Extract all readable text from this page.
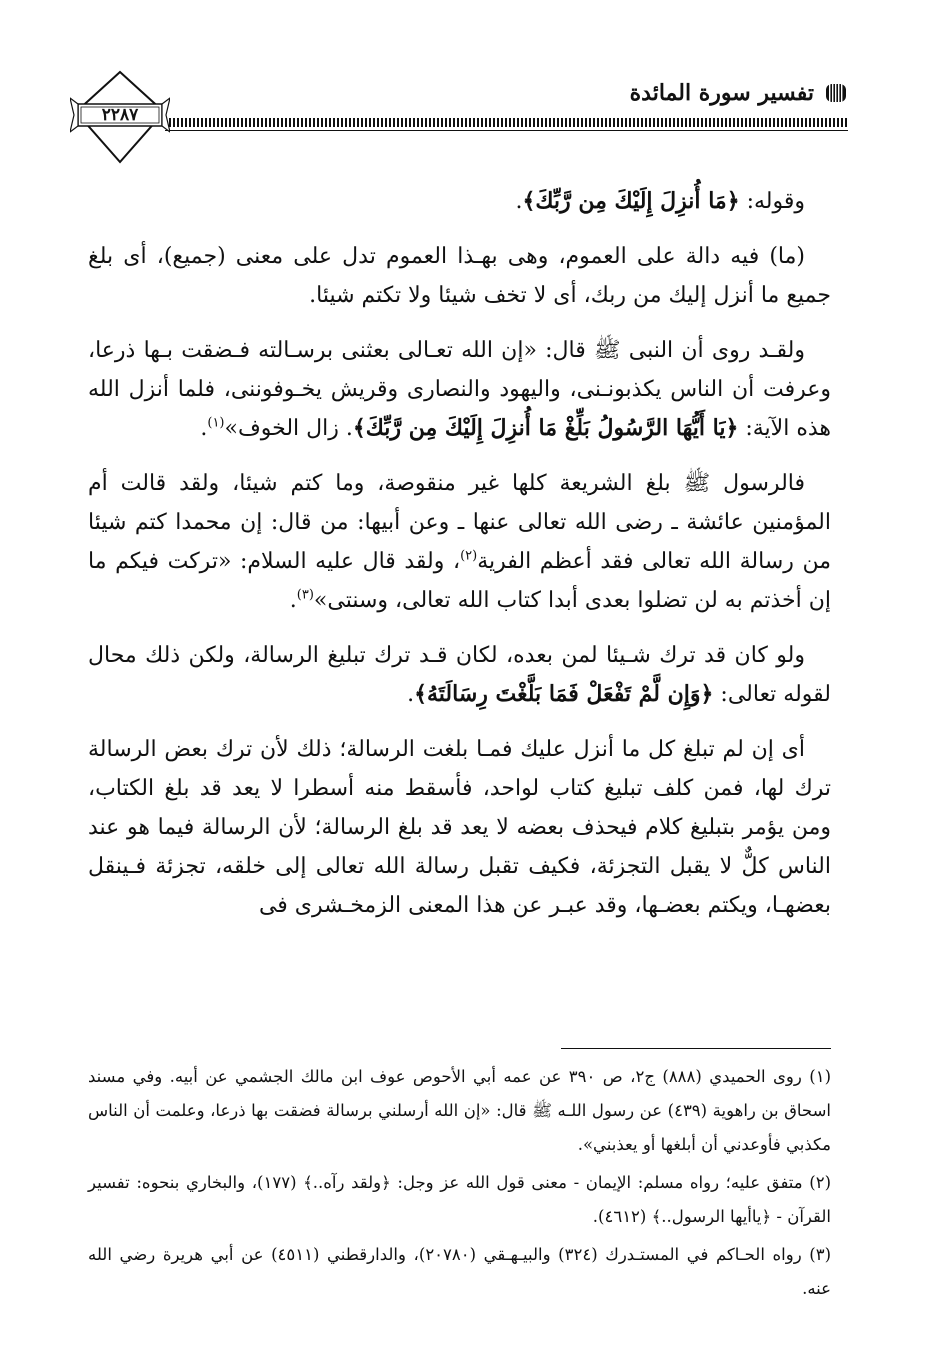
تفسير سورة المائدة
٢٢٨٧

وقوله: ﴿مَا أُنزِلَ إِلَيْكَ مِن رَّبِّكَ﴾.

(ما) فيه دالة على العموم، وهى بهـذا العموم تدل على معنى (جميع)، أى بلغ جميع ما أنزل إليك من ربك، أى لا تخف شيئا ولا تكتم شيئا.

ولقـد روى أن النبى ﷺ قال: «إن الله تعـالى بعثنى برسـالته فـضقت بـها ذرعا، وعرفت أن الناس يكذبونـنى، واليهود والنصارى وقريش يخـوفوننى، فلما أنزل الله هذه الآية: ﴿يَا أَيُّهَا الرَّسُولُ بَلِّغْ مَا أُنزِلَ إِلَيْكَ مِن رَّبِّكَ﴾. زال الخوف»$^{(١)}$.

فالرسول ﷺ بلغ الشريعة كلها غير منقوصة، وما كتم شيئا، ولقد قالت أم المؤمنين عائشة ـ رضى الله تعالى عنها ـ وعن أبيها: من قال: إن محمدا كتم شيئا من رسالة الله تعالى فقد أعظم الفرية$^{(٢)}$، ولقد قال عليه السلام: «تركت فيكم ما إن أخذتم به لن تضلوا بعدى أبدا كتاب الله تعالى، وسنتى»$^{(٣)}$.

ولو كان قد ترك شـيئا لمن بعده، لكان قـد ترك تبليغ الرسالة، ولكن ذلك محال لقوله تعالى: ﴿وَإِن لَّمْ تَفْعَلْ فَمَا بَلَّغْتَ رِسَالَتَهُ﴾.

أى إن لم تبلغ كل ما أنزل عليك فمـا بلغت الرسالة؛ ذلك لأن ترك بعض الرسالة ترك لها، فمن كلف تبليغ كتاب لواحد، فأسقط منه أسطرا لا يعد قد بلغ الكتاب، ومن يؤمر بتبليغ كلام فيحذف بعضه لا يعد قد بلغ الرسالة؛ لأن الرسالة فيما هو عند الناس كلٌّ لا يقبل التجزئة، فكيف تقبل رسالة الله تعالى إلى خلقه، تجزئة فـينقل بعضهـا، ويكتم بعضـها، وقد عبـر عن هذا المعنى الزمخـشرى فى

(١) روى الحميدي (٨٨٨) ج٢، ص ٣٩٠ عن عمه أبي الأحوص عوف ابن مالك الجشمي عن أبيه. وفي مسند اسحاق بن راهوية (٤٣٩) عن رسول اللـه ﷺ قال: «إن الله أرسلني برسالة فضقت بها ذرعا، وعلمت أن الناس مكذبي فأوعدني أن أبلغها أو يعذبني».

(٢) متفق عليه؛ رواه مسلم: الإيمان - معنى قول الله عز وجل: ﴿ولقد رآه..﴾ (١٧٧)، والبخاري بنحوه: تفسير القرآن - ﴿ياأيها الرسول..﴾ (٤٦١٢).

(٣) رواه الحـاكم في المستـدرك (٣٢٤) والبيـهـقي (٢٠٧٨٠)، والدارقطني (٤٥١١) عن أبي هريرة رضي الله عنه.
